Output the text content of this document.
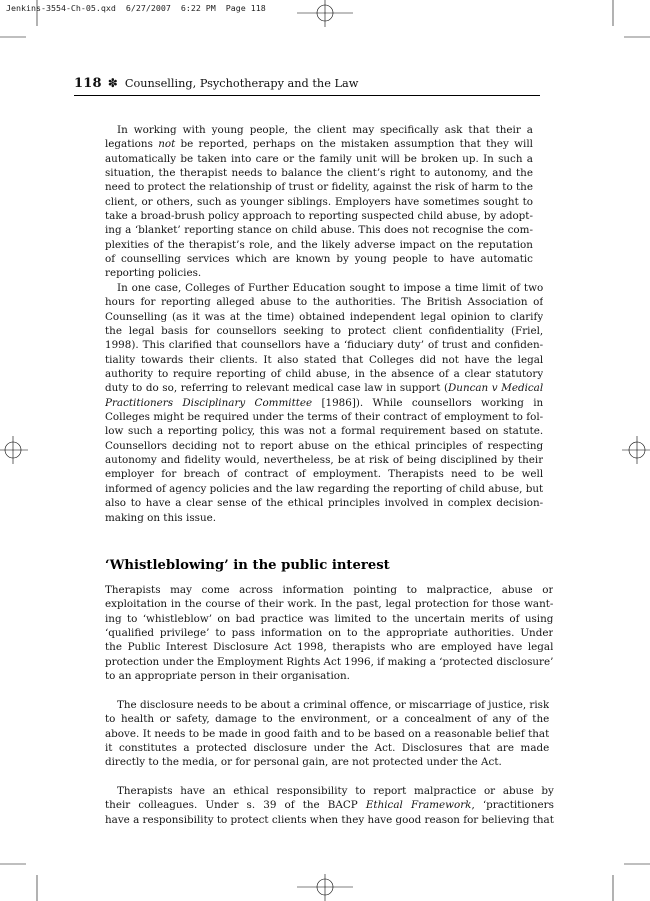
Jenkins-3554-Ch-05.qxd  6/27/2007  6:22 PM  Page 118
118 ✽ Counselling, Psychotherapy and the Law
In working with young people, the client may specifically ask that their a
legations not be reported, perhaps on the mistaken assumption that they will
automatically be taken into care or the family unit will be broken up. In such a
situation, the therapist needs to balance the client’s right to autonomy, and the
need to protect the relationship of trust or fidelity, against the risk of harm to the
client, or others, such as younger siblings. Employers have sometimes sought to
take a broad-brush policy approach to reporting suspected child abuse, by adopt-
ing a ‘blanket’ reporting stance on child abuse. This does not recognise the com-
plexities of the therapist’s role, and the likely adverse impact on the reputation
of counselling services which are known by young people to have automatic
reporting policies.
In one case, Colleges of Further Education sought to impose a time limit of two
hours for reporting alleged abuse to the authorities. The British Association of
Counselling (as it was at the time) obtained independent legal opinion to clarify
the legal basis for counsellors seeking to protect client confidentiality (Friel,
1998). This clarified that counsellors have a ‘fiduciary duty’ of trust and confiden-
tiality towards their clients. It also stated that Colleges did not have the legal
authority to require reporting of child abuse, in the absence of a clear statutory
duty to do so, referring to relevant medical case law in support (Duncan v Medical
Practitioners Disciplinary Committee [1986]). While counsellors working in
Colleges might be required under the terms of their contract of employment to fol-
low such a reporting policy, this was not a formal requirement based on statute.
Counsellors deciding not to report abuse on the ethical principles of respecting
autonomy and fidelity would, nevertheless, be at risk of being disciplined by their
employer for breach of contract of employment. Therapists need to be well
informed of agency policies and the law regarding the reporting of child abuse, but
also to have a clear sense of the ethical principles involved in complex decision-
making on this issue.
‘Whistleblowing’ in the public interest
Therapists may come across information pointing to malpractice, abuse or
exploitation in the course of their work. In the past, legal protection for those want-
ing to ‘whistleblow’ on bad practice was limited to the uncertain merits of using
‘qualified privilege’ to pass information on to the appropriate authorities. Under
the Public Interest Disclosure Act 1998, therapists who are employed have legal
protection under the Employment Rights Act 1996, if making a ‘protected disclosure’
to an appropriate person in their organisation.
The disclosure needs to be about a criminal offence, or miscarriage of justice, risk
to health or safety, damage to the environment, or a concealment of any of the
above. It needs to be made in good faith and to be based on a reasonable belief that
it constitutes a protected disclosure under the Act. Disclosures that are made
directly to the media, or for personal gain, are not protected under the Act.
Therapists have an ethical responsibility to report malpractice or abuse by
their colleagues. Under s. 39 of the BACP Ethical Framework, ‘practitioners
have a responsibility to protect clients when they have good reason for believing that
